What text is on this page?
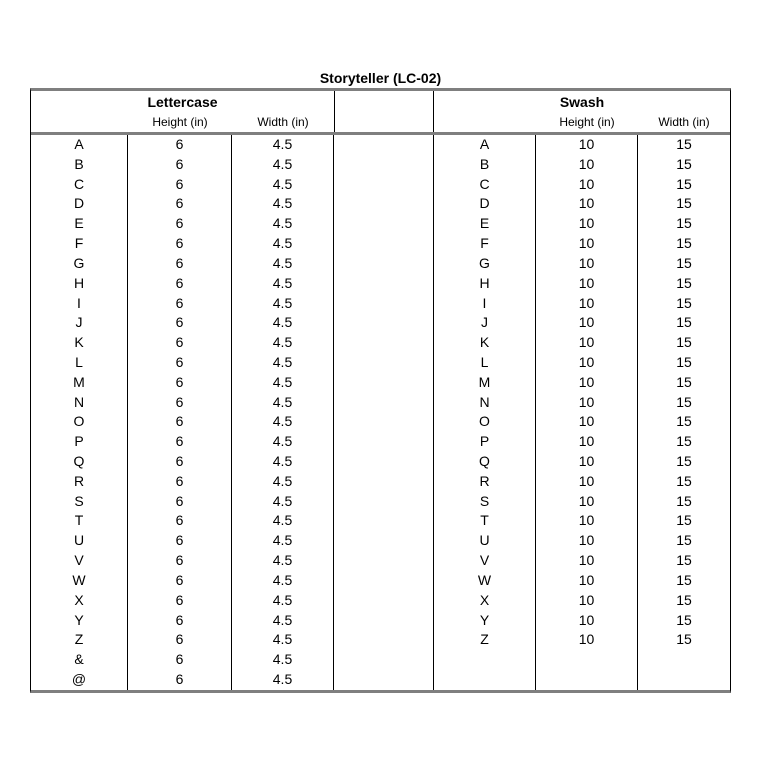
Storyteller (LC-02)
Lettercase	Swash
Height (in)	Width (in)	Height (in)	Width (in)
A	6	4.5	A	10	15
B	6	4.5	B	10	15
C	6	4.5	C	10	15
D	6	4.5	D	10	15
E	6	4.5	E	10	15
F	6	4.5	F	10	15
G	6	4.5	G	10	15
H	6	4.5	H	10	15
I	6	4.5	I	10	15
J	6	4.5	J	10	15
K	6	4.5	K	10	15
L	6	4.5	L	10	15
M	6	4.5	M	10	15
N	6	4.5	N	10	15
O	6	4.5	O	10	15
P	6	4.5	P	10	15
Q	6	4.5	Q	10	15
R	6	4.5	R	10	15
S	6	4.5	S	10	15
T	6	4.5	T	10	15
U	6	4.5	U	10	15
V	6	4.5	V	10	15
W	6	4.5	W	10	15
X	6	4.5	X	10	15
Y	6	4.5	Y	10	15
Z	6	4.5	Z	10	15
&	6	4.5
@	6	4.5
